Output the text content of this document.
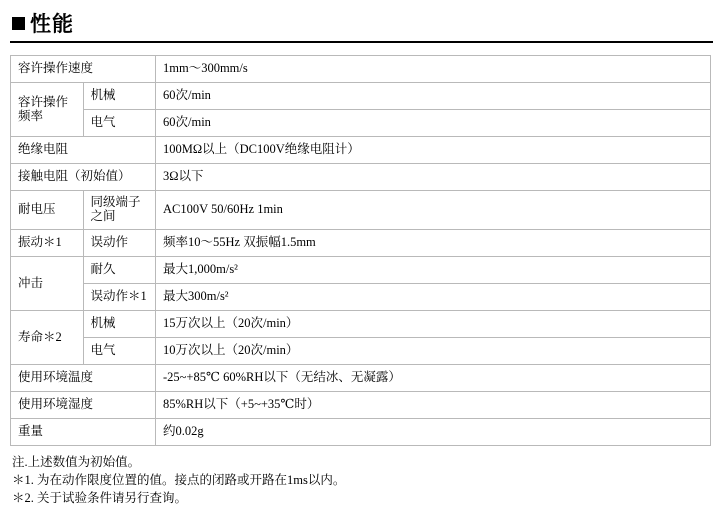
性能
容许操作速度		1mm～300mm/s
容许操作频率	机械	60次/min
	电气	60次/min
绝缘电阻		100MΩ以上（DC100V绝缘电阻计）
接触电阻（初始值）		3Ω以下
耐电压	同级端子之间	AC100V 50/60Hz 1min
振动＊1	误动作	频率10～55Hz 双振幅1.5mm
冲击	耐久	最大1,000m/s²
	误动作＊1	最大300m/s²
寿命＊2	机械	15万次以上（20次/min）
	电气	10万次以上（20次/min）
使用环境温度		-25~+85℃ 60%RH以下（无结冰、无凝露）
使用环境湿度		85%RH以下（+5~+35℃时）
重量		约0.02g
注.上述数值为初始值。
＊1. 为在动作限度位置的值。接点的闭路或开路在1ms以内。
＊2. 关于试验条件请另行查询。
